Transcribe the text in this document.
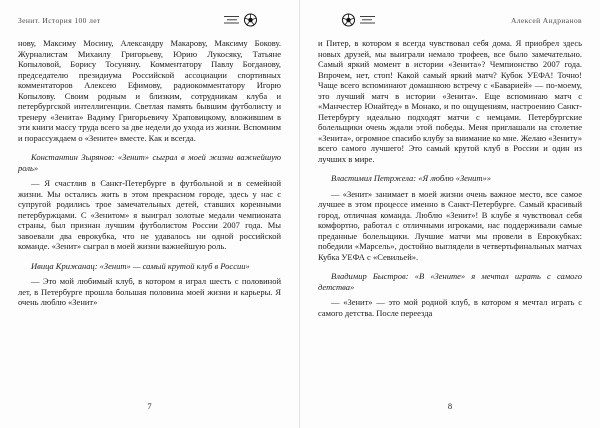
Зенит. История 100 лет

нову, Максиму Мосину, Александру Макарову, Максиму Бокову. Журналистам Михаилу Григорьеву, Юрию Лукосяку, Татьяне Копыловой, Борису Тосуняну. Комментатору Павлу Богданову, председателю президиума Российской ассоциации спортивных комментаторов Алексею Ефимову, радиокомментатору Игорю Копылову. Своим родным и близким, сотрудникам клуба и петербургской интеллигенции. Светлая память бывшим футболисту и тренеру «Зенита» Вадиму Григорьевичу Храповицкому, вложившим в эти книги массу труда всего за две недели до ухода из жизни. Вспомним и порассуждаем о «Зените» вместе. Как и всегда.

Константин Зырянов: «Зенит» сыграл в моей жизни важнейшую роль»

— Я счастлив в Санкт-Петербурге в футбольной и в семейной жизни. Мы остались жить в этом прекрасном городе, здесь у нас с супругой родились трое замечательных детей, ставших коренными петербуржцами. С «Зенитом» я выиграл золотые медали чемпионата страны, был признан лучшим футболистом России 2007 года. Мы завоевали два еврокубка, что не удавалось ни одной российской команде. «Зенит» сыграл в моей жизни важнейшую роль.

Ивица Крижанац: «Зенит» — самый крутой клуб в России»

— Это мой любимый клуб, в котором я играл шесть с половиной лет, в Петербурге прошла большая половина моей жизни и карьеры. Я очень люблю «Зенит»

7
Алексей Андрианов

и Питер, в котором я всегда чувствовал себя дома. Я приобрел здесь новых друзей, мы выиграли немало трофеев, все было замечательно. Самый яркий момент в истории «Зенита»? Чемпионство 2007 года. Впрочем, нет, стоп! Какой самый яркий матч? Кубок УЕФА! Точно! Чаще всего вспоминают домашнюю встречу с «Баварией» — по-моему, это лучший матч в истории «Зенита». Еще вспоминаю матч с «Манчестер Юнайтед» в Монако, и по ощущениям, настроению Санкт-Петербургу идеально подходят матчи с немцами. Петербургские болельщики очень ждали этой победы. Меня приглашали на столетие «Зенита», огромное спасибо клубу за внимание ко мне. Желаю «Зениту» всего самого лучшего! Это самый крутой клуб в России и один из лучших в мире.

Властимил Петржела: «Я люблю «Зенит»»

— «Зенит» занимает в моей жизни очень важное место, все самое лучшее в этом процессе именно в Санкт-Петербурге. Самый красивый город, отличная команда. Люблю «Зенит»! В клубе я чувствовал себя комфортно, работал с отличными игроками, нас поддерживали самые преданные болельщики. Лучшие матчи мы провели в Еврокубках: победили «Марсель», достойно выглядели в четвертьфинальных матчах Кубка УЕФА с «Севильей».

Владимир Быстров: «В «Зените» я мечтал играть с самого детства»

— «Зенит» — это мой родной клуб, в котором я мечтал играть с самого детства. После переезда

8
